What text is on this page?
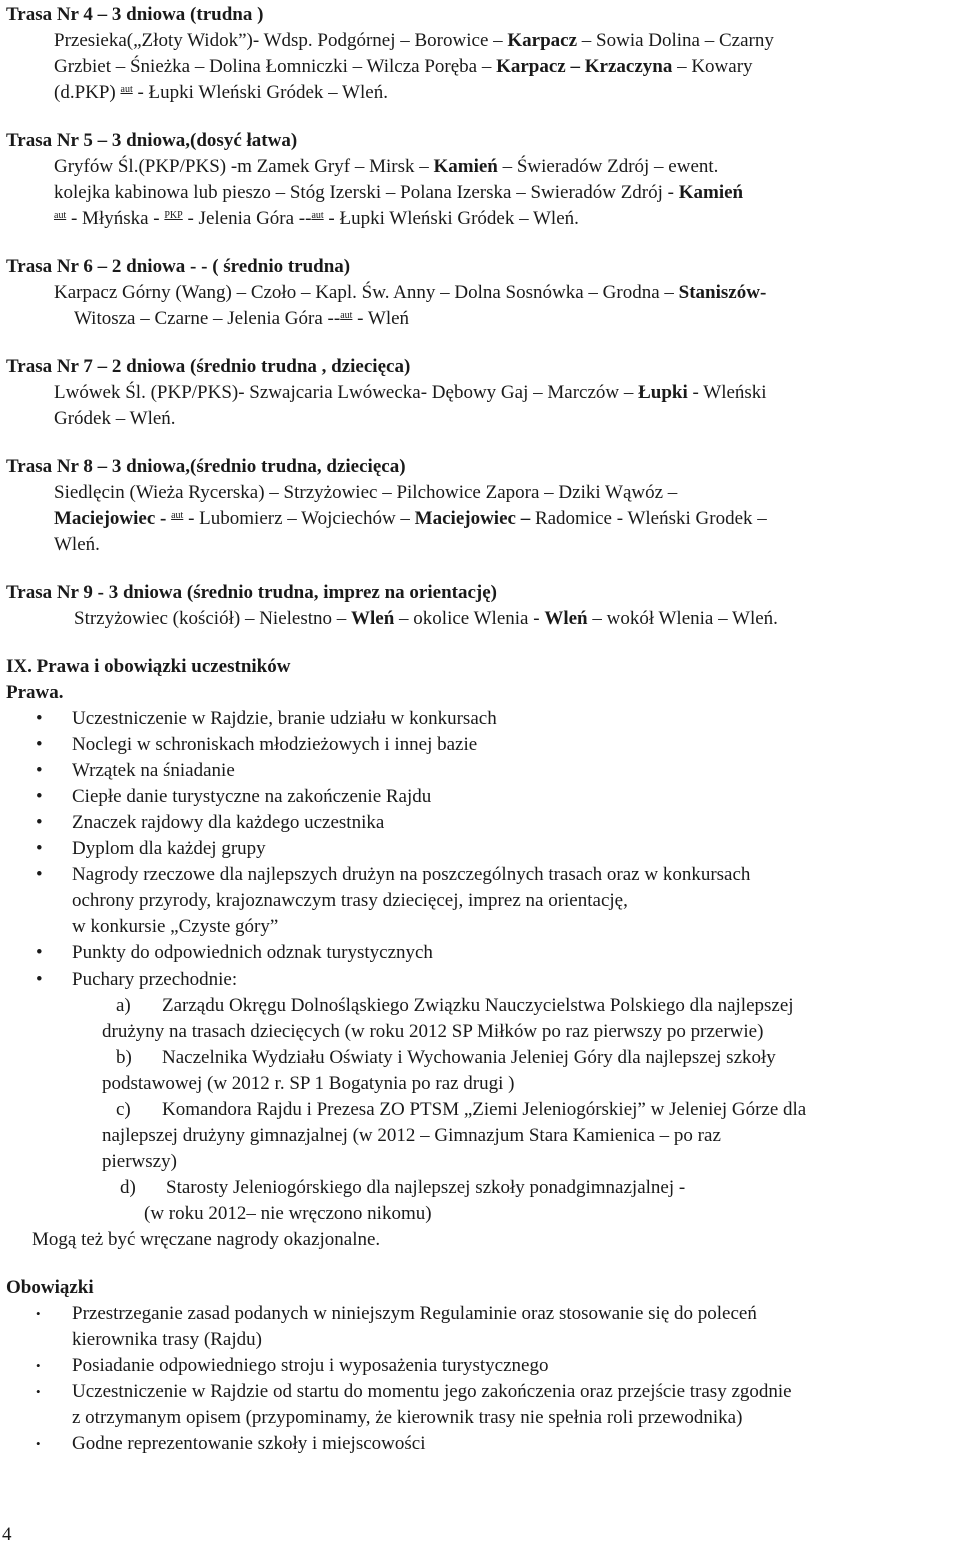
Trasa Nr 4 – 3 dniowa (trudna )
Przesieka(„Złoty Widok”)- Wdsp. Podgórnej – Borowice – Karpacz – Sowia Dolina – Czarny
Grzbiet – Śnieżka – Dolina Łomniczki – Wilcza Poręba – Karpacz – Krzaczyna – Kowary
(d.PKP) $^{aut}$ - Łupki Wleński Gródek – Wleń.
Trasa Nr 5 – 3 dniowa,(dosyć łatwa)
Gryfów Śl.(PKP/PKS) -m Zamek Gryf – Mirsk – Kamień – Świeradów Zdrój – ewent.
kolejka kabinowa lub pieszo – Stóg Izerski – Polana Izerska – Swieradów Zdrój - Kamień
$^{aut}$ - Młyńska - $^{PKP}$ - Jelenia Góra --$^{aut}$ - Łupki Wleński Gródek – Wleń.
Trasa Nr 6 – 2 dniowa - - ( średnio trudna)
Karpacz Górny (Wang) – Czoło – Kapl. Św. Anny – Dolna Sosnówka – Grodna – Staniszów-
Witosza – Czarne – Jelenia Góra --$^{aut}$ - Wleń
Trasa Nr 7 – 2 dniowa (średnio trudna , dziecięca)
Lwówek Śl. (PKP/PKS)- Szwajcaria Lwówecka- Dębowy Gaj – Marczów – Łupki - Wleński
Gródek – Wleń.
Trasa Nr 8 – 3 dniowa,(średnio trudna, dziecięca)
Siedlęcin (Wieża Rycerska) – Strzyżowiec – Pilchowice Zapora – Dziki Wąwóz –
Maciejowiec - $^{aut}$ - Lubomierz – Wojciechów – Maciejowiec – Radomice - Wleński Grodek –
Wleń.
Trasa Nr 9 - 3 dniowa (średnio trudna, imprez na orientację)
Strzyżowiec (kościół) – Nielestno – Wleń – okolice Wlenia - Wleń – wokół Wlenia – Wleń.
IX. Prawa i obowiązki uczestników
Prawa.
• Uczestniczenie w Rajdzie, branie udziału w konkursach
• Noclegi w schroniskach młodzieżowych i innej bazie
• Wrzątek na śniadanie
• Ciepłe danie turystyczne na zakończenie Rajdu
• Znaczek rajdowy dla każdego uczestnika
• Dyplom dla każdej grupy
• Nagrody rzeczowe dla najlepszych drużyn na poszczególnych trasach oraz w konkursach
ochrony przyrody, krajoznawczym trasy dziecięcej, imprez na orientację,
w konkursie „Czyste góry”
• Punkty do odpowiednich odznak turystycznych
• Puchary przechodnie:
a) Zarządu Okręgu Dolnośląskiego Związku Nauczycielstwa Polskiego dla najlepszej
drużyny na trasach dziecięcych (w roku 2012 SP Miłków po raz pierwszy po przerwie)
b) Naczelnika Wydziału Oświaty i Wychowania Jeleniej Góry dla najlepszej szkoły
podstawowej (w 2012 r. SP 1 Bogatynia po raz drugi )
c) Komandora Rajdu i Prezesa ZO PTSM „Ziemi Jeleniogórskiej” w Jeleniej Górze dla
najlepszej drużyny gimnazjalnej (w 2012 – Gimnazjum Stara Kamienica – po raz
pierwszy)
d) Starosty Jeleniogórskiego dla najlepszej szkoły ponadgimnazjalnej -
(w roku 2012– nie wręczono nikomu)
Mogą też być wręczane nagrody okazjonalne.
Obowiązki
• Przestrzeganie zasad podanych w niniejszym Regulaminie oraz stosowanie się do poleceń
kierownika trasy (Rajdu)
• Posiadanie odpowiedniego stroju i wyposażenia turystycznego
• Uczestniczenie w Rajdzie od startu do momentu jego zakończenia oraz przejście trasy zgodnie
z otrzymanym opisem (przypominamy, że kierownik trasy nie spełnia roli przewodnika)
• Godne reprezentowanie szkoły i miejscowości
4
